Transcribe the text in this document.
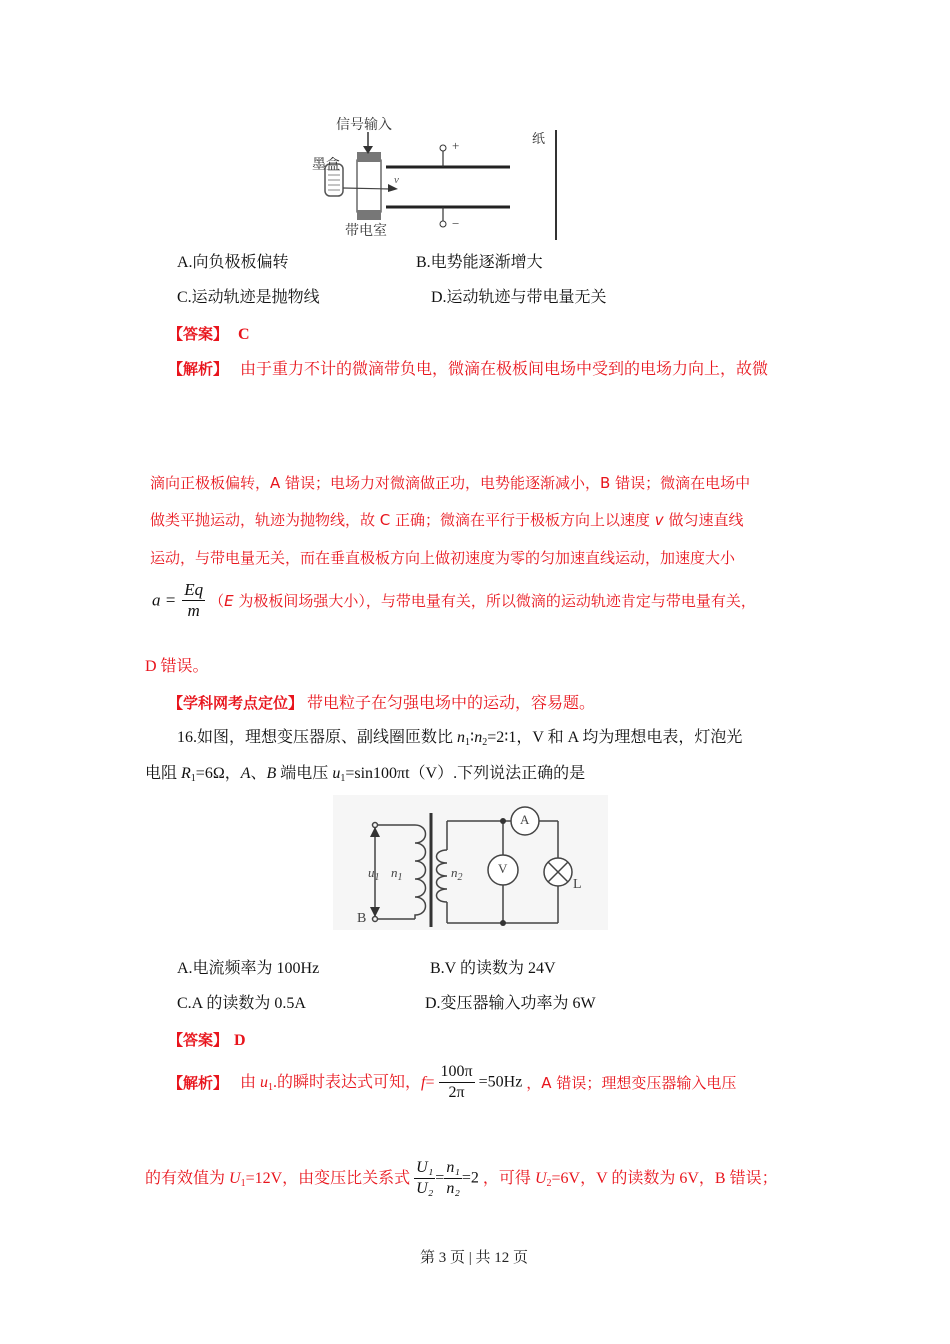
信号输入
墨盒
带电室
纸
+
−
v
A.向负极板偏转	B.电势能逐渐增大
C.运动轨迹是抛物线	D.运动轨迹与带电量无关
【答案】 C
【解析】 由于重力不计的微滴带负电，微滴在极板间电场中受到的电场力向上，故微
滴向正极板偏转，A 错误；电场力对微滴做正功，电势能逐渐减小，B 错误；微滴在电场中
做类平抛运动，轨迹为抛物线，故 C 正确；微滴在平行于极板方向上以速度 v 做匀速直线
运动，与带电量无关，而在垂直极板方向上做初速度为零的匀加速直线运动，加速度大小
$a = \frac{Eq}{m} (E$ 为极板间场强大小），与带电量有关，所以微滴的运动轨迹肯定与带电量有关，
D 错误。
【学科网考点定位】 带电粒子在匀强电场中的运动，容易题。
16.如图，理想变压器原、副线圈匝数比 $n_1∶n_2=2∶1$，V 和 A 均为理想电表，灯泡光
电阻 $R_1=6\Omega$，A、B 端电压 $u_1=\sin 100\pi t(V)$.下列说法正确的是
$u_1$ $n_1$	$n_2$
A
V
L
B
A.电流频率为 100Hz	B.V 的读数为 24V
C.A 的读数为 0.5A	D.变压器输入功率为 6W
【答案】 D
【解析】 由 $u_1$.的瞬时表达式可知，$f= \frac{100\pi}{2\pi} =50Hz$ ，A 错误；理想变压器输入电压
的有效值为 $U_1=12V$，由变压比关系式 $\frac{\text{U₁}}{\text{U₂}} = \frac{\text{n₁}}{\text{n₂}} =2$ ，可得 $U_2=6V$，V 的读数为 6V，B 错误；
第 3 页 | 共 12 页
